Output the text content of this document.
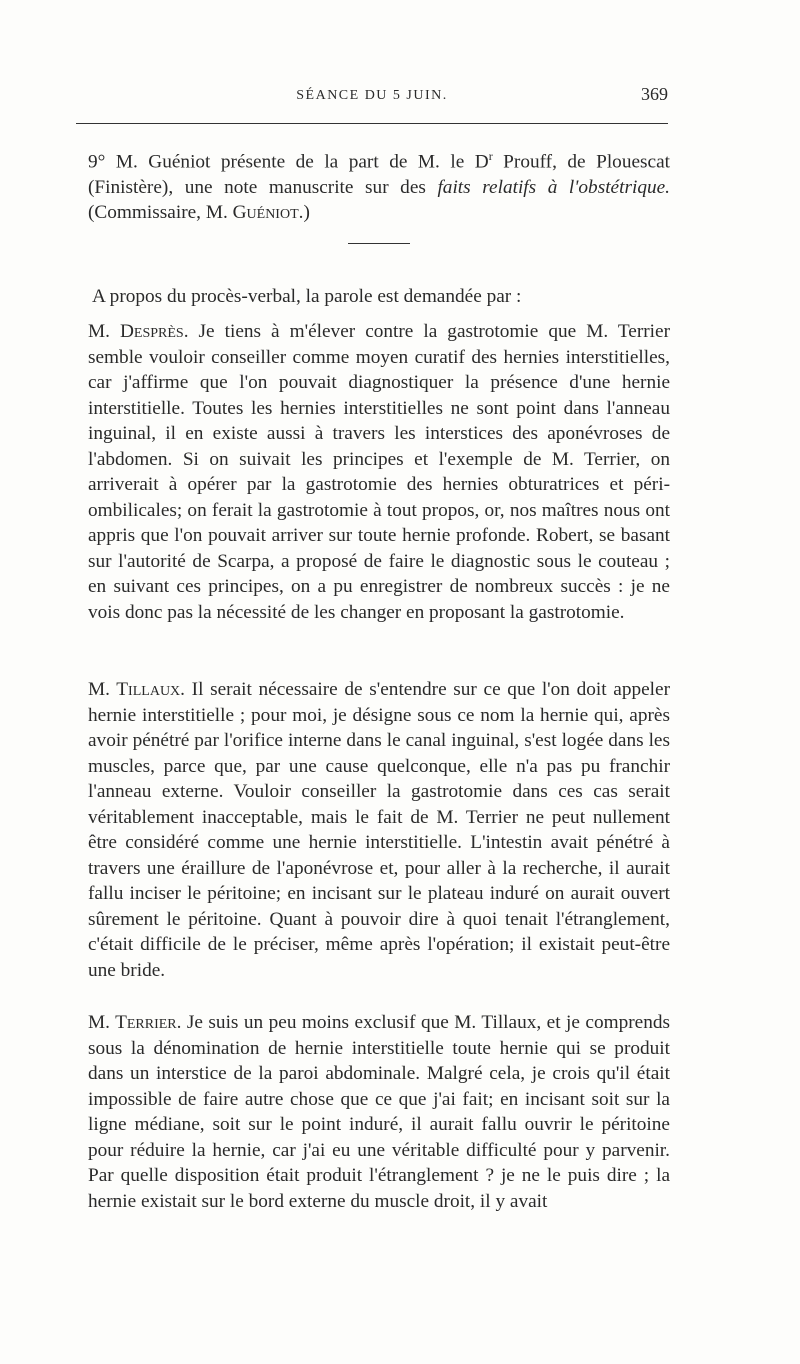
SÉANCE DU 5 JUIN.	369

9° M. Guéniot présente de la part de M. le $D^r$ Prouff, de Plouescat (Finistère), une note manuscrite sur des faits relatifs à l'obstétrique. (Commissaire, M. Guéniot.)

A propos du procès-verbal, la parole est demandée par :

M. Desprès. Je tiens à m'élever contre la gastrotomie que M. Terrier semble vouloir conseiller comme moyen curatif des hernies interstitielles, car j'affirme que l'on pouvait diagnostiquer la présence d'une hernie interstitielle. Toutes les hernies interstitielles ne sont point dans l'anneau inguinal, il en existe aussi à travers les interstices des aponévroses de l'abdomen. Si on suivait les principes et l'exemple de M. Terrier, on arriverait à opérer par la gastrotomie des hernies obturatrices et péri-ombilicales; on ferait la gastrotomie à tout propos, or, nos maîtres nous ont appris que l'on pouvait arriver sur toute hernie profonde. Robert, se basant sur l'autorité de Scarpa, a proposé de faire le diagnostic sous le couteau ; en suivant ces principes, on a pu enregistrer de nombreux succès : je ne vois donc pas la nécessité de les changer en proposant la gastrotomie.

M. Tillaux. Il serait nécessaire de s'entendre sur ce que l'on doit appeler hernie interstitielle ; pour moi, je désigne sous ce nom la hernie qui, après avoir pénétré par l'orifice interne dans le canal inguinal, s'est logée dans les muscles, parce que, par une cause quelconque, elle n'a pas pu franchir l'anneau externe. Vouloir conseiller la gastrotomie dans ces cas serait véritablement inacceptable, mais le fait de M. Terrier ne peut nullement être considéré comme une hernie interstitielle. L'intestin avait pénétré à travers une éraillure de l'aponévrose et, pour aller à la recherche, il aurait fallu inciser le péritoine; en incisant sur le plateau induré on aurait ouvert sûrement le péritoine. Quant à pouvoir dire à quoi tenait l'étranglement, c'était difficile de le préciser, même après l'opération; il existait peut-être une bride.

M. Terrier. Je suis un peu moins exclusif que M. Tillaux, et je comprends sous la dénomination de hernie interstitielle toute hernie qui se produit dans un interstice de la paroi abdominale. Malgré cela, je crois qu'il était impossible de faire autre chose que ce que j'ai fait; en incisant soit sur la ligne médiane, soit sur le point induré, il aurait fallu ouvrir le péritoine pour réduire la hernie, car j'ai eu une véritable difficulté pour y parvenir. Par quelle disposition était produit l'étranglement ? je ne le puis dire ; la hernie existait sur le bord externe du muscle droit, il y avait
